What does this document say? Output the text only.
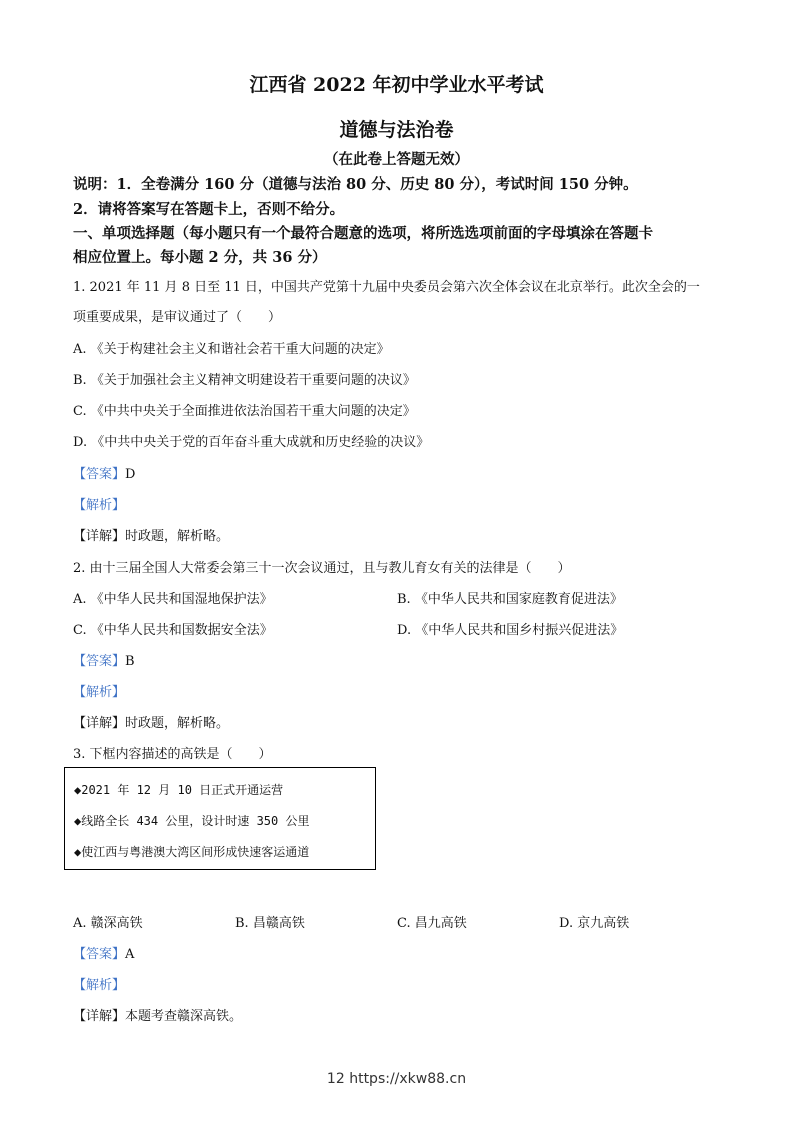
江西省 2022 年初中学业水平考试
道德与法治卷
（在此卷上答题无效）
说明：1．全卷满分 160 分（道德与法治 80 分、历史 80 分），考试时间 150 分钟。
2．请将答案写在答题卡上，否则不给分。
一、单项选择题（每小题只有一个最符合题意的选项，将所选选项前面的字母填涂在答题卡
相应位置上。每小题 2 分，共 36 分）
1. 2021 年 11 月 8 日至 11 日，中国共产党第十九届中央委员会第六次全体会议在北京举行。此次全会的一
项重要成果，是审议通过了（　　）
A. 《关于构建社会主义和谐社会若干重大问题的决定》
B. 《关于加强社会主义精神文明建设若干重要问题的决议》
C. 《中共中央关于全面推进依法治国若干重大问题的决定》
D. 《中共中央关于党的百年奋斗重大成就和历史经验的决议》
【答案】D
【解析】
【详解】时政题，解析略。
2. 由十三届全国人大常委会第三十一次会议通过，且与教儿育女有关的法律是（　　）
A. 《中华人民共和国湿地保护法》	B. 《中华人民共和国家庭教育促进法》
C. 《中华人民共和国数据安全法》	D. 《中华人民共和国乡村振兴促进法》
【答案】B
【解析】
【详解】时政题，解析略。
3. 下框内容描述的高铁是（　　）
◆2021 年 12 月 10 日正式开通运营
◆线路全长 434 公里，设计时速 350 公里
◆使江西与粤港澳大湾区间形成快速客运通道
A. 赣深高铁	B. 昌赣高铁	C. 昌九高铁	D. 京九高铁
【答案】A
【解析】
【详解】本题考查赣深高铁。
12 https://xkw88.cn
